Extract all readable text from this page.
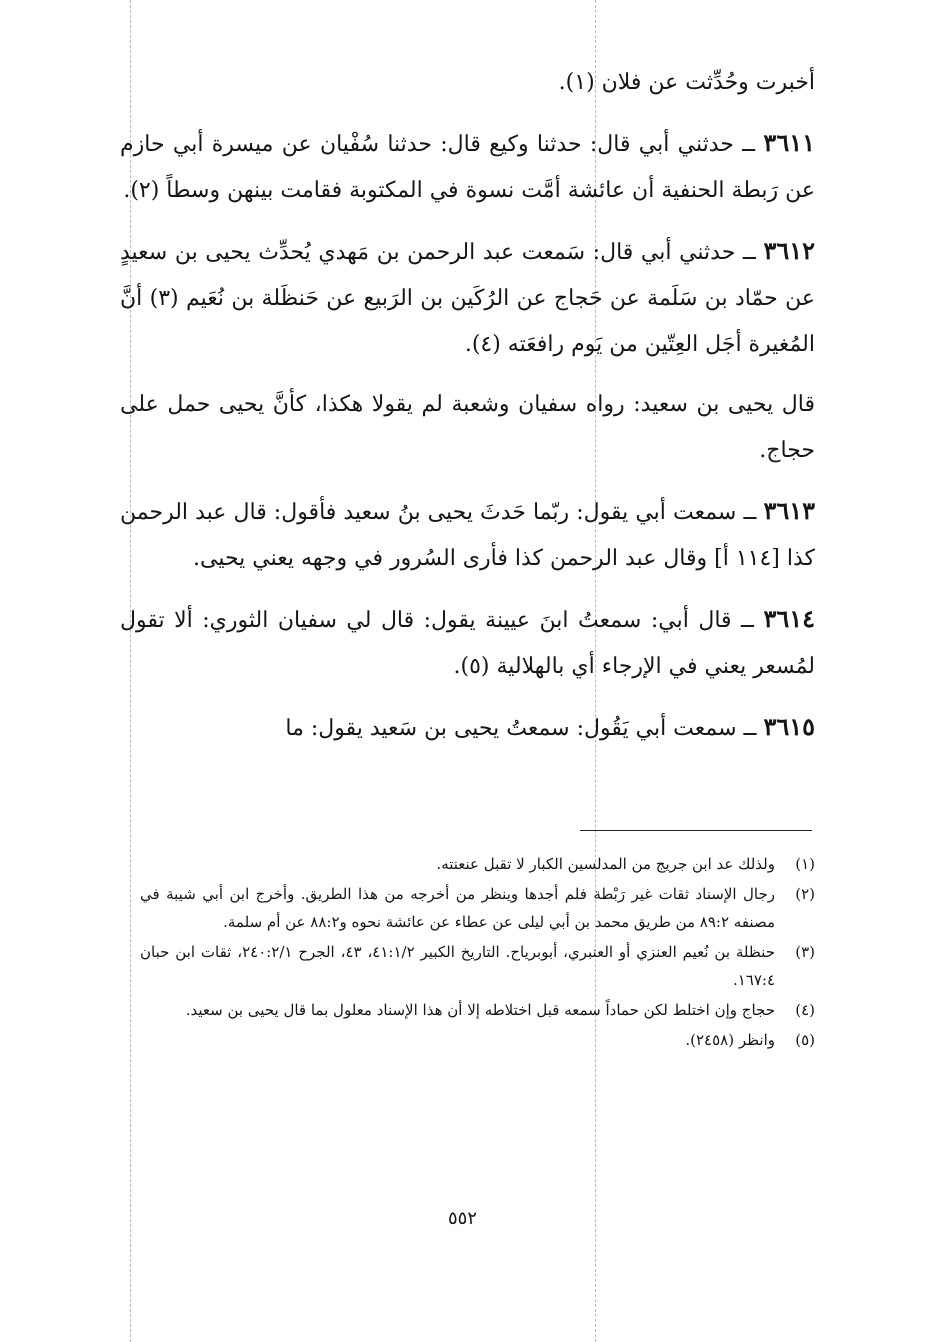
أخبرت وحُدِّثت عن فلان (١).

٣٦١١ ــ حدثني أبي قال: حدثنا وكيع قال: حدثنا سُفْيان عن ميسرة أبي حازم عن رَبطة الحنفية أن عائشة أمَّت نسوة في المكتوبة فقامت بينهن وسطاً (٢).

٣٦١٢ ــ حدثني أبي قال: سَمعت عبد الرحمن بن مَهدي يُحدِّث يحيى بن سعيدٍ عن حمّاد بن سَلَمة عن حَجاج عن الرُكَين بن الرَبيع عن حَنظَلة بن نُعَيم (٣) أنَّ المُغيرة أجَل العِتّين من يَوم رافعَته (٤).

قال يحيى بن سعيد: رواه سفيان وشعبة لم يقولا هكذا، كأنَّ يحيى حمل على حجاج.

٣٦١٣ ــ سمعت أبي يقول: ربّما حَدثَ يحيى بنُ سعيد فأقول: قال عبد الرحمن كذا [١١٤ أ] وقال عبد الرحمن كذا فأرى السُرور في وجهه يعني يحيى.

٣٦١٤ ــ قال أبي: سمعتُ ابنَ عيينة يقول: قال لي سفيان الثوري: ألا تقول لمُسعر يعني في الإرجاء أي بالهلالية (٥).

٣٦١٥ ــ سمعت أبي يَقُول: سمعتُ يحيى بن سَعيد يقول: ما

(١)
ولذلك عد ابن جريج من المدلسين الكبار لا تقبل عنعنته.
(٢)
رجال الإسناد ثقات غير رَبْطة فلم أجدها وينظر من أخرجه من هذا الطريق. وأخرج ابن أبي شيبة في مصنفه ٨٩:٢ من طريق محمد بن أبي ليلى عن عطاء عن عائشة نحوه و٨٨:٢ عن أم سلمة.
(٣)
حنظلة بن نُعيم العنزي أو العنبري، أبوبرياح. التاريخ الكبير ٤١:١/٢، ٤٣، الجرح ٢٤٠:٢/١، ثقات ابن حبان ١٦٧:٤.
(٤)
حجاج وإن اختلط لكن حماداً سمعه قبل اختلاطه إلا أن هذا الإسناد معلول بما قال يحيى بن سعيد.
(٥)
وانظر (٢٤٥٨).
٥٥٢
